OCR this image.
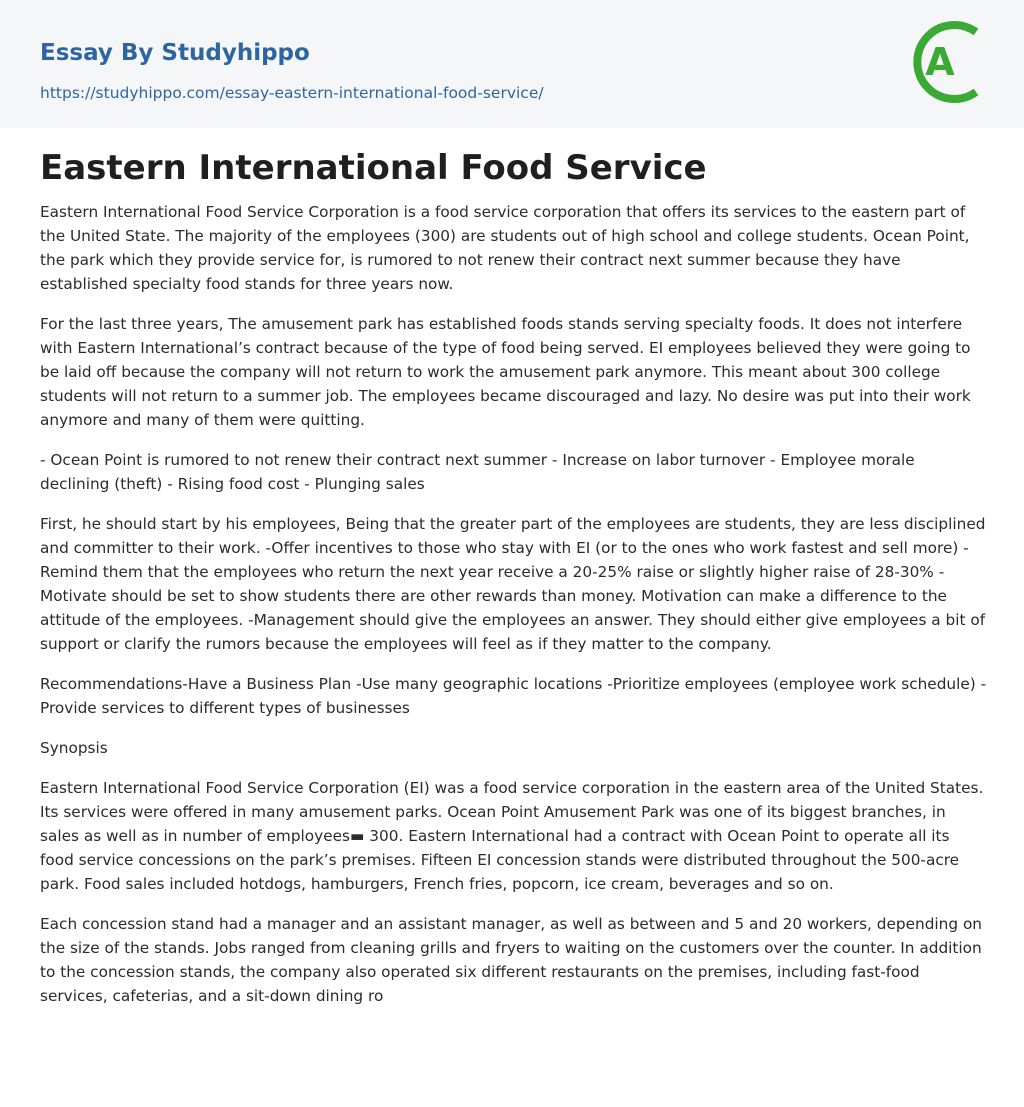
Essay By Studyhippo
https://studyhippo.com/essay-eastern-international-food-service/
A
Eastern International Food Service

Eastern International Food Service Corporation is a food service corporation that offers its services to the eastern part of the United State. The majority of the employees (300) are students out of high school and college students. Ocean Point, the park which they provide service for, is rumored to not renew their contract next summer because they have established specialty food stands for three years now.

For the last three years, The amusement park has established foods stands serving specialty foods. It does not interfere with Eastern International’s contract because of the type of food being served. EI employees believed they were going to be laid off because the company will not return to work the amusement park anymore. This meant about 300 college students will not return to a summer job. The employees became discouraged and lazy. No desire was put into their work anymore and many of them were quitting.

- Ocean Point is rumored to not renew their contract next summer - Increase on labor turnover - Employee morale declining (theft) - Rising food cost - Plunging sales

First, he should start by his employees, Being that the greater part of the employees are students, they are less disciplined and committer to their work. -Offer incentives to those who stay with EI (or to the ones who work fastest and sell more) -Remind them that the employees who return the next year receive a 20-25% raise or slightly higher raise of 28-30% -Motivate should be set to show students there are other rewards than money. Motivation can make a difference to the attitude of the employees. -Management should give the employees an answer. They should either give employees a bit of support or clarify the rumors because the employees will feel as if they matter to the company.

Recommendations-Have a Business Plan -Use many geographic locations -Prioritize employees (employee work schedule) -Provide services to different types of businesses

Synopsis

Eastern International Food Service Corporation (EI) was a food service corporation in the eastern area of the United States. Its services were offered in many amusement parks. Ocean Point Amusement Park was one of its biggest branches, in sales as well as in number of employees▬ 300. Eastern International had a contract with Ocean Point to operate all its food service concessions on the park’s premises. Fifteen EI concession stands were distributed throughout the 500-acre park. Food sales included hotdogs, hamburgers, French fries, popcorn, ice cream, beverages and so on.

Each concession stand had a manager and an assistant manager, as well as between and 5 and 20 workers, depending on the size of the stands. Jobs ranged from cleaning grills and fryers to waiting on the customers over the counter. In addition to the concession stands, the company also operated six different restaurants on the premises, including fast-food services, cafeterias, and a sit-down dining ro
